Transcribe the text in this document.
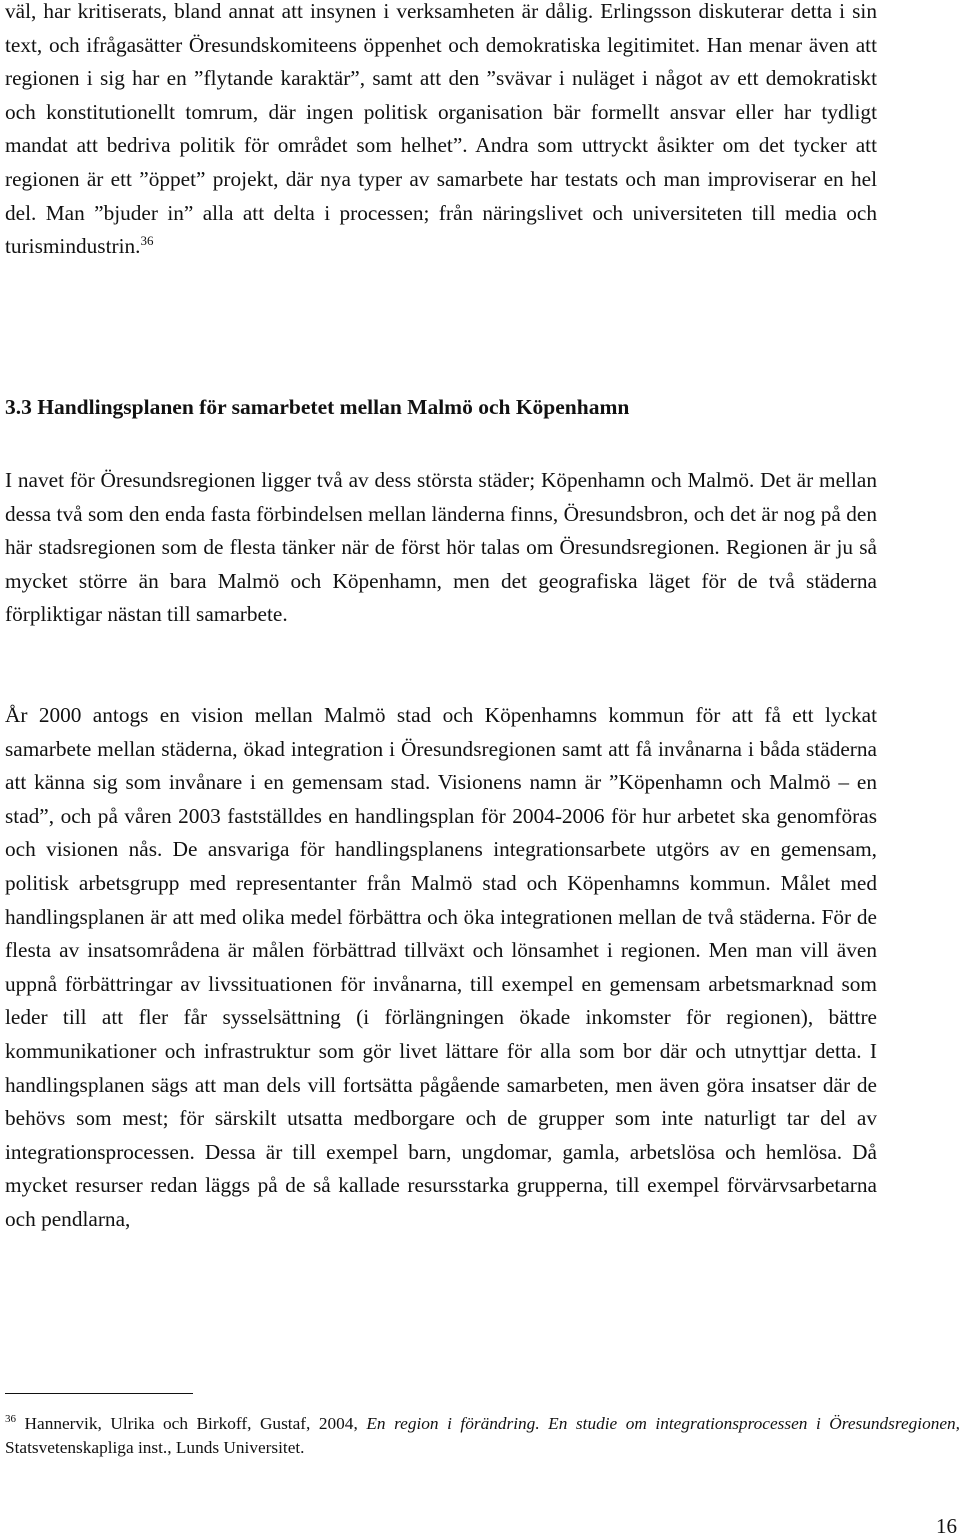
väl, har kritiserats, bland annat att insynen i verksamheten är dålig. Erlingsson diskuterar detta i sin text, och ifrågasätter Öresundskomiteens öppenhet och demokratiska legitimitet. Han menar även att regionen i sig har en ”flytande karaktär”, samt att den ”svävar i nuläget i något av ett demokratiskt och konstitutionellt tomrum, där ingen politisk organisation bär formellt ansvar eller har tydligt mandat att bedriva politik för området som helhet”. Andra som uttryckt åsikter om det tycker att regionen är ett ”öppet” projekt, där nya typer av samarbete har testats och man improviserar en hel del. Man ”bjuder in” alla att delta i processen; från näringslivet och universiteten till media och turismindustrin.$^{36}$

3.3 Handlingsplanen för samarbetet mellan Malmö och Köpenhamn

I navet för Öresundsregionen ligger två av dess största städer; Köpenhamn och Malmö. Det är mellan dessa två som den enda fasta förbindelsen mellan länderna finns, Öresundsbron, och det är nog på den här stadsregionen som de flesta tänker när de först hör talas om Öresundsregionen. Regionen är ju så mycket större än bara Malmö och Köpenhamn, men det geografiska läget för de två städerna förpliktigar nästan till samarbete.

År 2000 antogs en vision mellan Malmö stad och Köpenhamns kommun för att få ett lyckat samarbete mellan städerna, ökad integration i Öresundsregionen samt att få invånarna i båda städerna att känna sig som invånare i en gemensam stad. Visionens namn är ”Köpenhamn och Malmö – en stad”, och på våren 2003 fastställdes en handlingsplan för 2004-2006 för hur arbetet ska genomföras och visionen nås. De ansvariga för handlingsplanens integrationsarbete utgörs av en gemensam, politisk arbetsgrupp med representanter från Malmö stad och Köpenhamns kommun. Målet med handlingsplanen är att med olika medel förbättra och öka integrationen mellan de två städerna. För de flesta av insatsområdena är målen förbättrad tillväxt och lönsamhet i regionen. Men man vill även uppnå förbättringar av livssituationen för invånarna, till exempel en gemensam arbetsmarknad som leder till att fler får sysselsättning (i förlängningen ökade inkomster för regionen), bättre kommunikationer och infrastruktur som gör livet lättare för alla som bor där och utnyttjar detta. I handlingsplanen sägs att man dels vill fortsätta pågående samarbeten, men även göra insatser där de behövs som mest; för särskilt utsatta medborgare och de grupper som inte naturligt tar del av integrationsprocessen. Dessa är till exempel barn, ungdomar, gamla, arbetslösa och hemlösa. Då mycket resurser redan läggs på de så kallade resursstarka grupperna, till exempel förvärvsarbetarna och pendlarna,

$^{36}$ Hannervik, Ulrika och Birkoff, Gustaf, 2004, En region i förändring. En studie om integrationsprocessen i Öresundsregionen, Statsvetenskapliga inst., Lunds Universitet.

16
